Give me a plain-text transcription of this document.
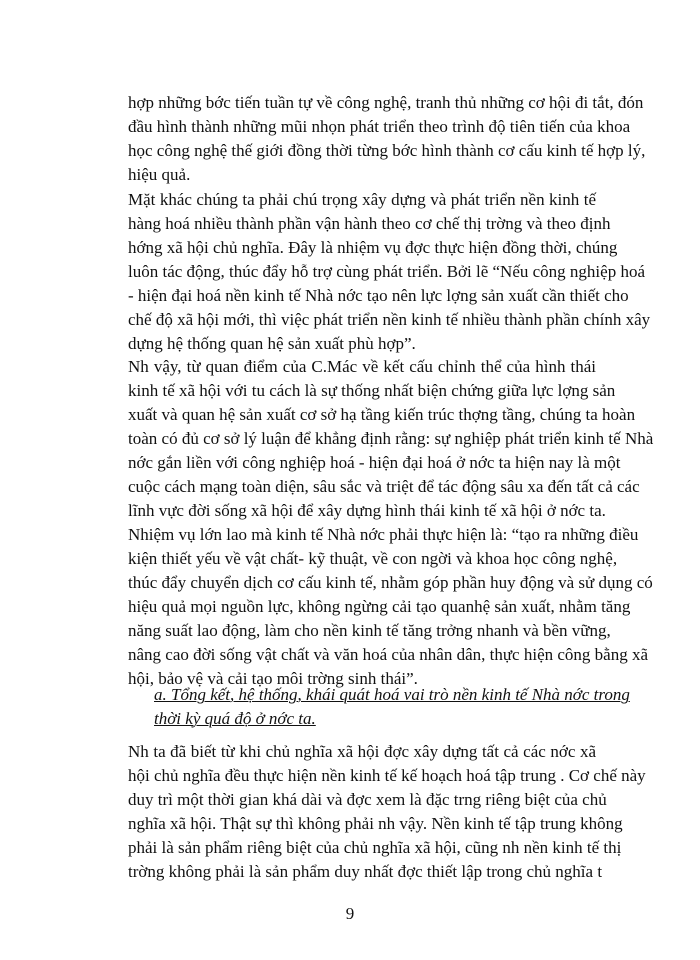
hợp những bớc tiến tuần tự về công nghệ, tranh thủ những cơ hội đi tắt, đón
đầu hình thành những mũi nhọn phát triển theo trình độ tiên tiến của khoa
học công nghệ thế giới đồng thời từng bớc hình thành cơ cấu kinh tế hợp lý,
hiệu quả.
Mặt khác chúng ta phải chú trọng xây dựng và phát triển nền kinh tế
hàng hoá nhiều thành phần vận hành theo cơ chế thị trờng và theo định
hớng xã hội chủ nghĩa. Đây là nhiệm vụ đợc thực hiện đồng thời, chúng
luôn tác động, thúc đẩy hỗ trợ cùng phát triển. Bởi lẽ “Nếu công nghiệp hoá
- hiện đại hoá nền kinh tế Nhà nớc tạo nên lực lợng sản xuất cần thiết cho
chế độ xã hội mới, thì việc phát triển nền kinh tế nhiều thành phần chính xây
dựng hệ thống quan hệ sản xuất phù hợp”.
Nh vậy, từ quan điểm của C.Mác về kết cấu chỉnh thể của hình thái
kinh tế xã hội với tu cách là sự thống nhất biện chứng giữa lực lợng sản
xuất và quan hệ sản xuất cơ sở hạ tầng kiến trúc thợng tầng, chúng ta hoàn
toàn có đủ cơ sở lý luận để khẳng định rằng: sự nghiệp phát triển kinh tế Nhà
nớc gắn liền với công nghiệp hoá - hiện đại hoá ở nớc ta hiện nay là một
cuộc cách mạng toàn diện, sâu sắc và triệt để tác động sâu xa đến tất cả các
lĩnh vực đời sống xã hội để xây dựng hình thái kinh tế xã hội ở nớc ta.
Nhiệm vụ lớn lao mà kinh tế Nhà nớc phải thực hiện là: “tạo ra những điều
kiện thiết yếu về vật chất- kỹ thuật, về con ngời và khoa học công nghệ,
thúc đẩy chuyển dịch cơ cấu kinh tế, nhằm góp phần huy động và sử dụng có
hiệu quả mọi nguồn lực, không ngừng cải tạo quanhệ sản xuất, nhằm tăng
năng suất lao động, làm cho nền kinh tế tăng trởng nhanh và bền vững,
nâng cao đời sống vật chất và văn hoá của nhân dân, thực hiện công bằng xã
hội, bảo vệ và cải tạo môi trờng sinh thái”.
a. Tổng kết, hệ thống, khái quát hoá vai trò nền kinh tế Nhà nớc trong
thời kỳ quá độ ở nớc ta.
Nh ta đã biết từ khi chủ nghĩa xã hội đợc xây dựng tất cả các nớc xã
hội chủ nghĩa đều thực hiện nền kinh tế kế hoạch hoá tập trung . Cơ chế này
duy trì một thời gian khá dài và đợc xem là đặc trng riêng biệt của chủ
nghĩa xã hội. Thật sự thì không phải nh vậy. Nền kinh tế tập trung không
phải là sản phẩm riêng biệt của chủ nghĩa xã hội, cũng nh nền kinh tế thị
trờng không phải là sản phẩm duy nhất đợc thiết lập trong chủ nghĩa t
9
